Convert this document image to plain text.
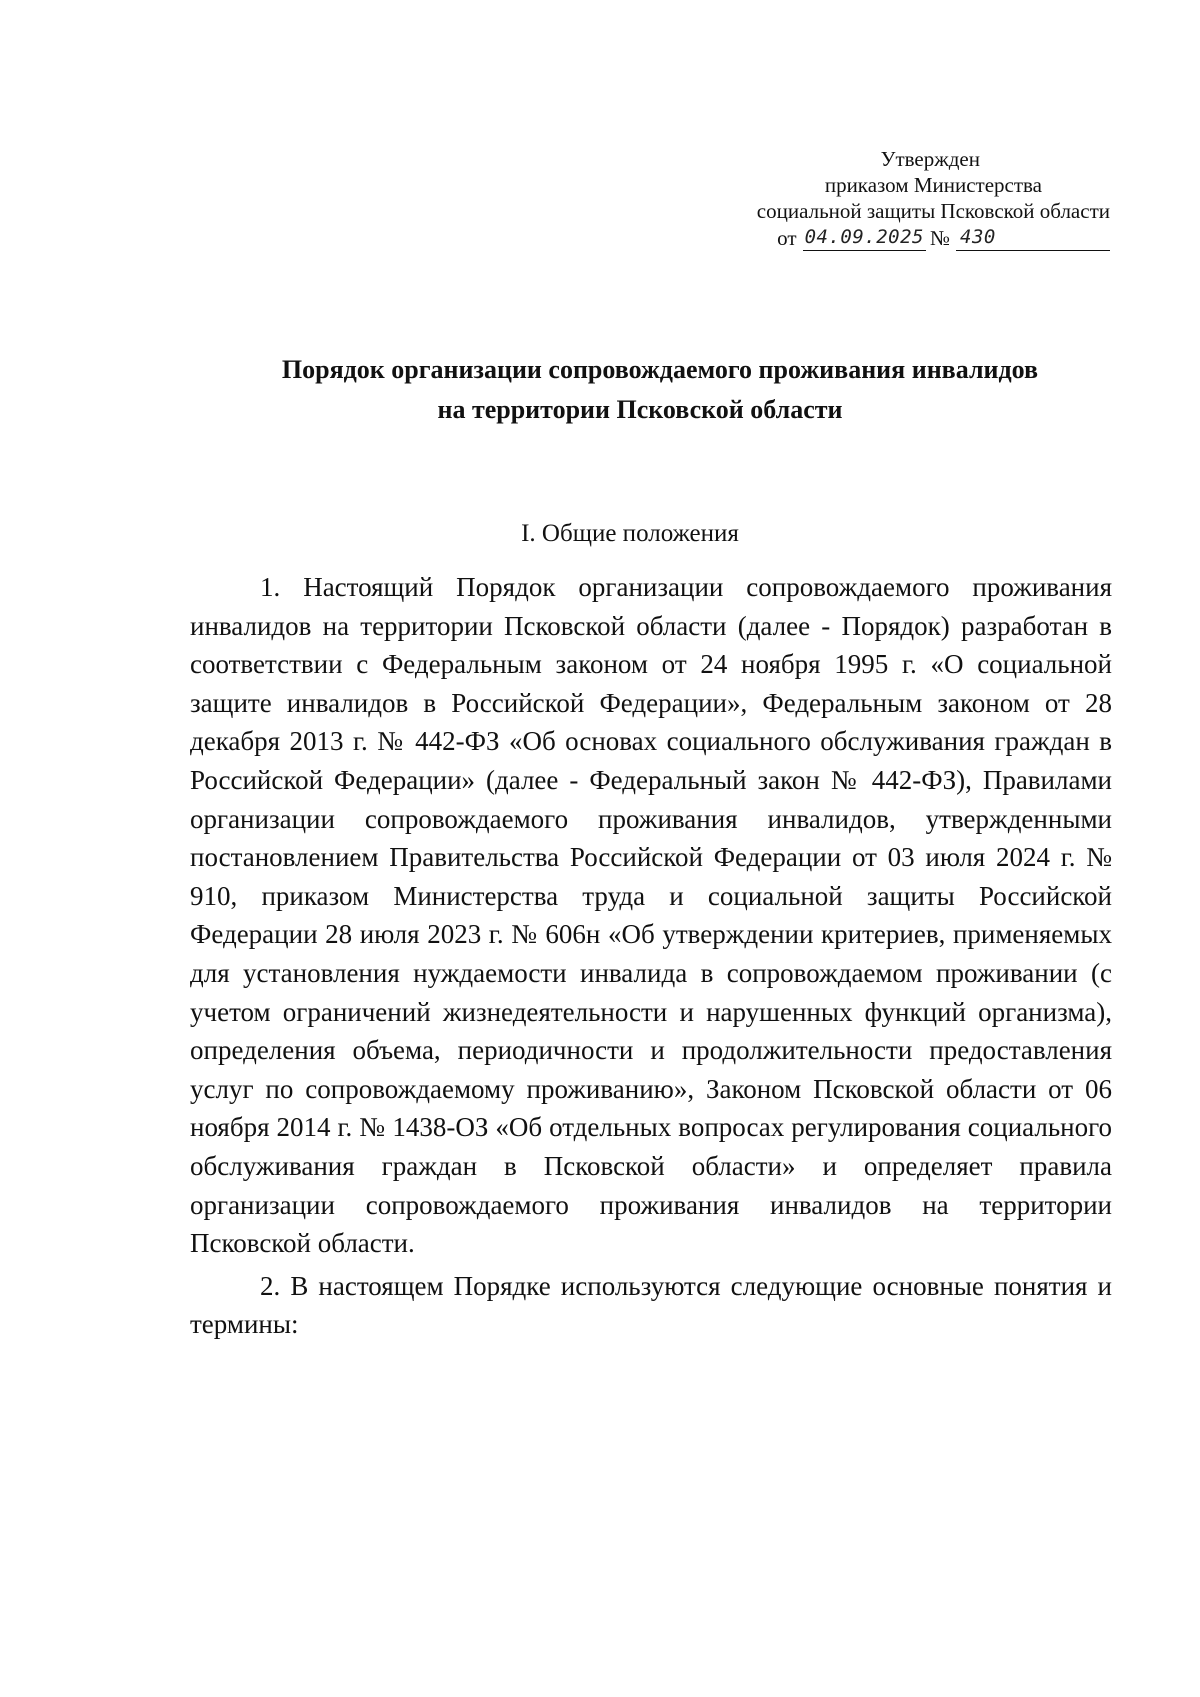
Утвержден
приказом Министерства
социальной защиты Псковской области
от 04.09.2025 № 430
Порядок организации сопровождаемого проживания инвалидов
на территории Псковской области
I. Общие положения

1. Настоящий Порядок организации сопровождаемого проживания инвалидов на территории Псковской области (далее - Порядок) разработан в соответствии с Федеральным законом от 24 ноября 1995 г. «О социальной защите инвалидов в Российской Федерации», Федеральным законом от 28 декабря 2013 г. № 442-ФЗ «Об основах социального обслуживания граждан в Российской Федерации» (далее - Федеральный закон № 442-ФЗ), Правилами организации сопровождаемого проживания инвалидов, утвержденными постановлением Правительства Российской Федерации от 03 июля 2024 г. № 910, приказом Министерства труда и социальной защиты Российской Федерации 28 июля 2023 г. № 606н «Об утверждении критериев, применяемых для установления нуждаемости инвалида в сопровождаемом проживании (с учетом ограничений жизнедеятельности и нарушенных функций организма), определения объема, периодичности и продолжительности предоставления услуг по сопровождаемому проживанию», Законом Псковской области от 06 ноября 2014 г. № 1438-ОЗ «Об отдельных вопросах регулирования социального обслуживания граждан в Псковской области» и определяет правила организации сопровождаемого проживания инвалидов на территории Псковской области.

2. В настоящем Порядке используются следующие основные понятия и термины:
